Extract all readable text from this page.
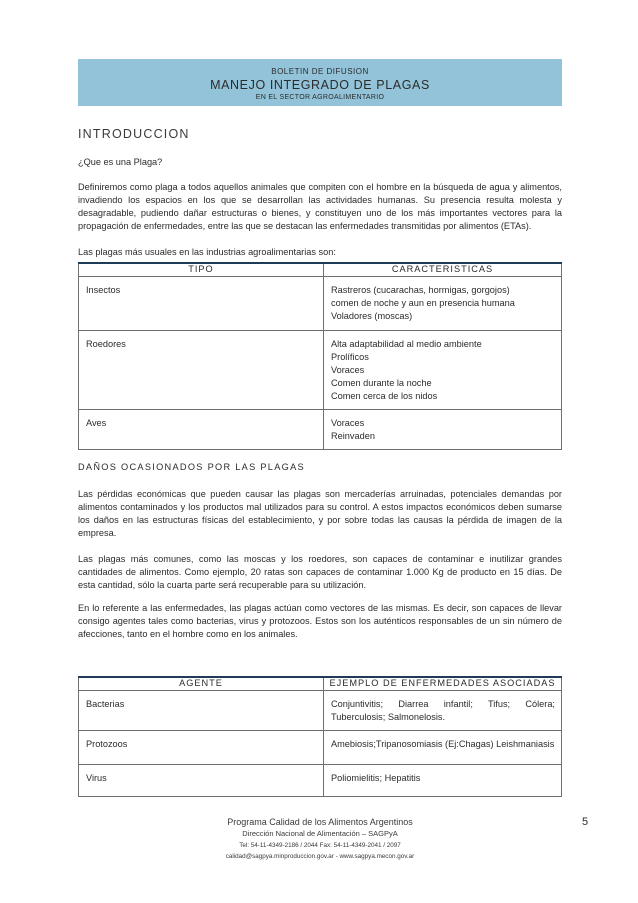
BOLETIN DE DIFUSION
MANEJO INTEGRADO DE PLAGAS
EN EL SECTOR AGROALIMENTARIO
INTRODUCCION
¿Que es una Plaga?
Definiremos como plaga a todos aquellos animales que compiten con el hombre en la búsqueda de agua y alimentos, invadiendo los espacios en los que se desarrollan las actividades humanas. Su presencia resulta molesta y desagradable, pudiendo dañar estructuras o bienes, y constituyen uno de los más importantes vectores para la propagación de enfermedades, entre las que se destacan las enfermedades transmitidas por alimentos (ETAs).
Las plagas más usuales en las industrias agroalimentarias son:
TIPO	CARACTERISTICAS
Insectos	Rastreros (cucarachas, hormigas, gorgojos)
comen de noche y aun en presencia humana
Voladores (moscas)

Roedores	Alta adaptabilidad al medio ambiente
Prolíficos
Voraces
Comen durante la noche
Comen cerca de los nidos

Aves	Voraces
Reinvaden
DAÑOS OCASIONADOS POR LAS PLAGAS
Las pérdidas económicas que pueden causar las plagas son mercaderías arruinadas, potenciales demandas por alimentos contaminados y los productos mal utilizados para su control. A estos impactos económicos deben sumarse los daños en las estructuras físicas del establecimiento, y por sobre todas las causas la pérdida de imagen de la empresa.
Las plagas más comunes, como las moscas y los roedores, son capaces de contaminar e inutilizar grandes cantidades de alimentos. Como ejemplo, 20 ratas son capaces de contaminar 1.000 Kg de producto en 15 días. De esta cantidad, sólo la cuarta parte será recuperable para su utilización.
En lo referente a las enfermedades, las plagas actúan como vectores de las mismas. Es decir, son capaces de llevar consigo agentes tales como bacterias, virus y protozoos. Estos son los auténticos responsables de un sin número de afecciones, tanto en el hombre como en los animales.
AGENTE	EJEMPLO DE ENFERMEDADES ASOCIADAS
Bacterias	Conjuntivitis; Diarrea infantil; Tifus; Cólera; Tuberculosis; Salmonelosis.
Protozoos	Amebiosis;Tripanosomiasis (Ej:Chagas) Leishmaniasis
Virus	Poliomielitis; Hepatitis
Programa Calidad de los Alimentos Argentinos
Dirección Nacional de Alimentación – SAGPyA
Tel: 54-11-4349-2186 / 2044 Fax: 54-11-4349-2041 / 2097
calidad@sagpya.minproduccion.gov.ar - www.sagpya.mecon.gov.ar
5
